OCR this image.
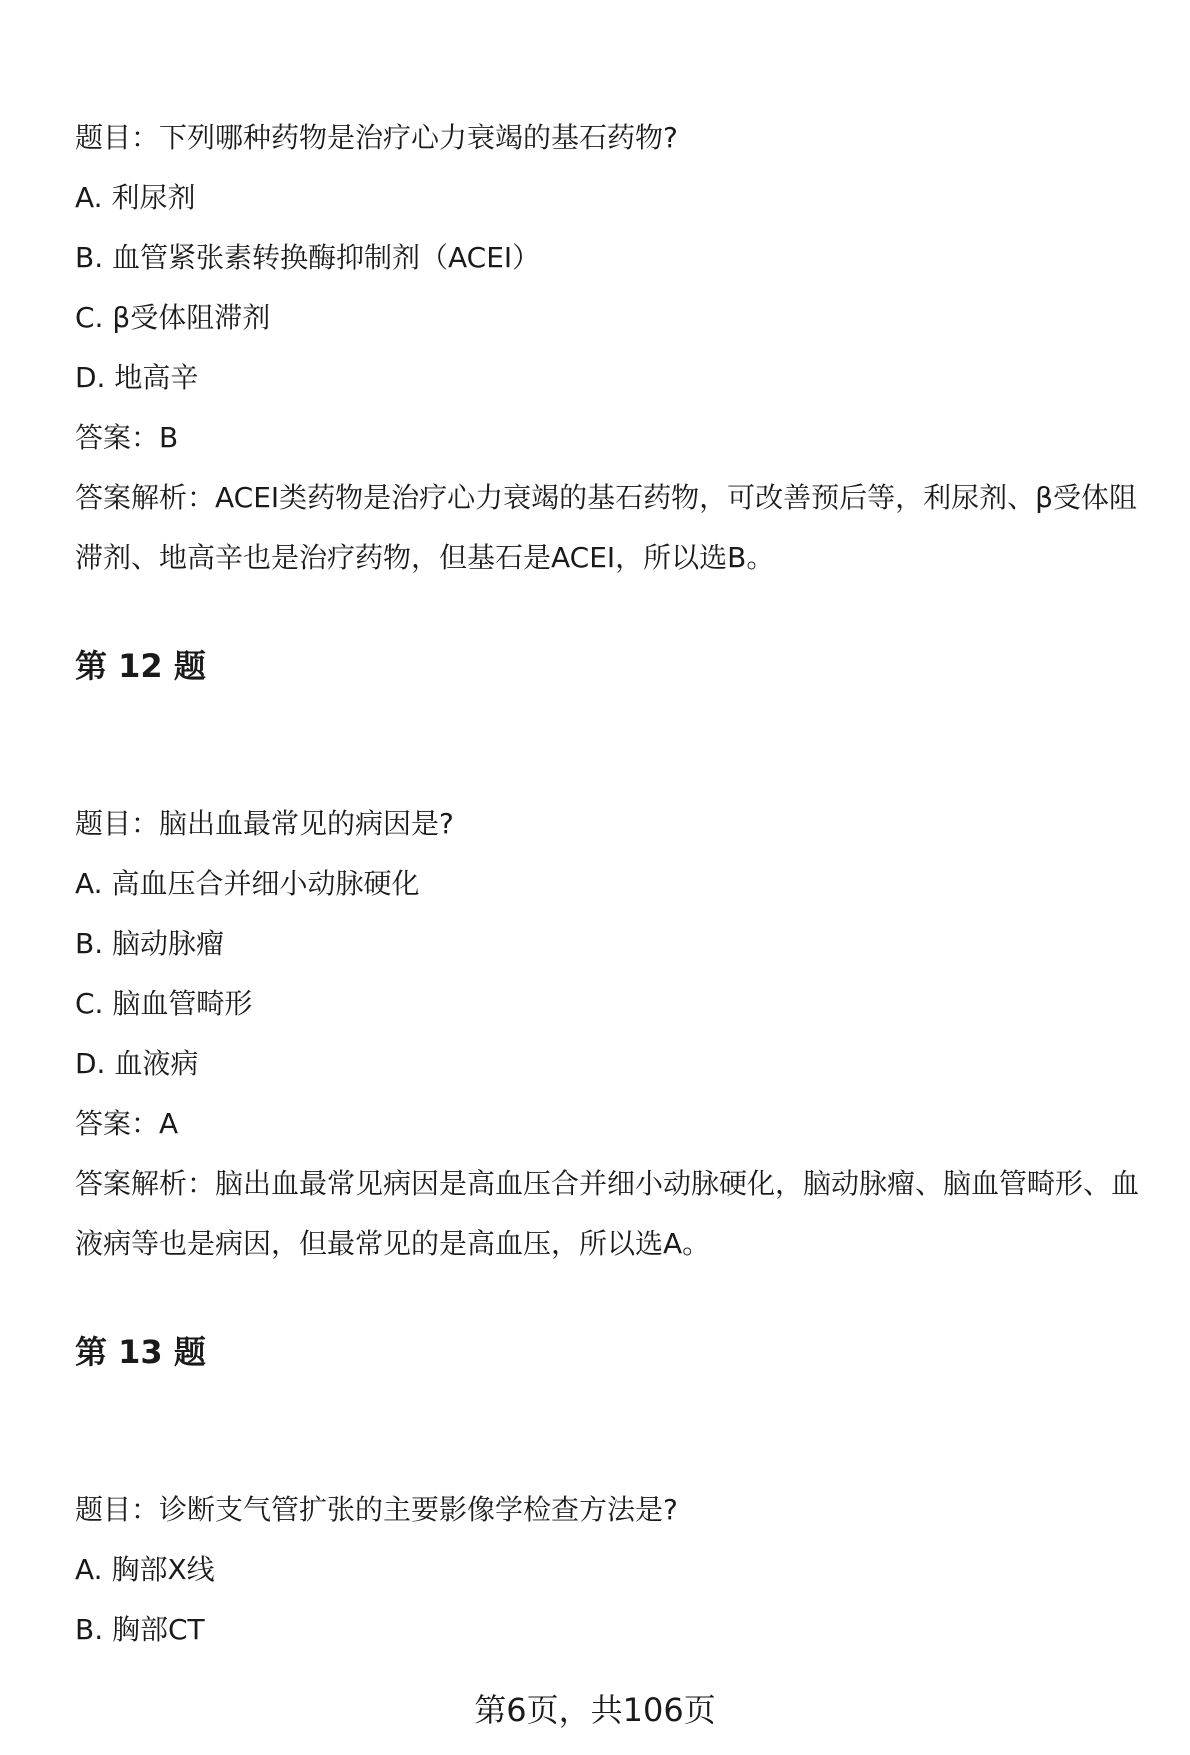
题目：下列哪种药物是治疗心力衰竭的基石药物?
A. 利尿剂
B. 血管紧张素转换酶抑制剂（ACEI）
C. β受体阻滞剂
D. 地高辛
答案：B
答案解析：ACEI类药物是治疗心力衰竭的基石药物，可改善预后等，利尿剂、β受体阻滞剂、地高辛也是治疗药物，但基石是ACEI，所以选B。
第 12 题
题目：脑出血最常见的病因是?
A. 高血压合并细小动脉硬化
B. 脑动脉瘤
C. 脑血管畸形
D. 血液病
答案：A
答案解析：脑出血最常见病因是高血压合并细小动脉硬化，脑动脉瘤、脑血管畸形、血液病等也是病因，但最常见的是高血压，所以选A。
第 13 题
题目：诊断支气管扩张的主要影像学检查方法是?
A. 胸部X线
B. 胸部CT
第6页，共106页
